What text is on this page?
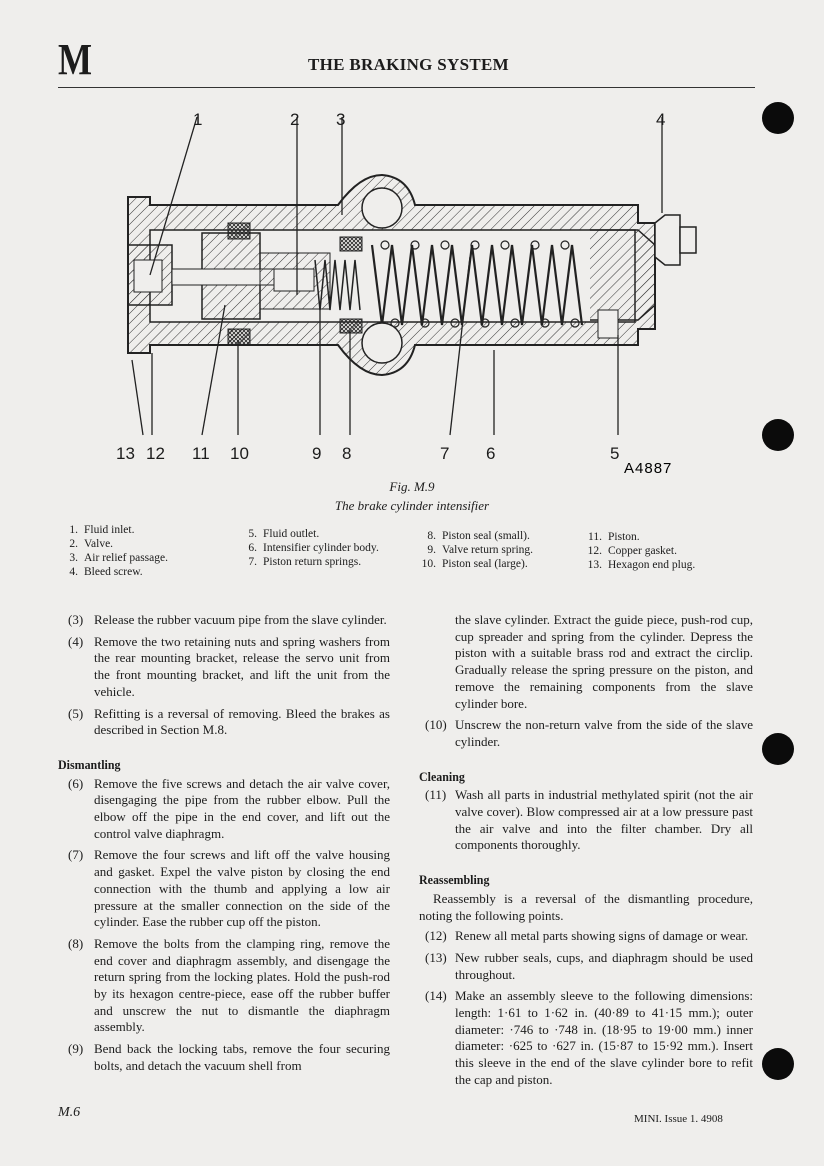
M	THE BRAKING SYSTEM
1	2 3	4
13 12 11 10	9 8	7 6	5
A4887
Fig. M.9
The brake cylinder intensifier
1. Fluid inlet.
2. Valve.
3. Air relief passage.
4. Bleed screw.
5. Fluid outlet.
6. Intensifier cylinder body.
7. Piston return springs.
8. Piston seal (small).
9. Valve return spring.
10. Piston seal (large).
11. Piston.
12. Copper gasket.
13. Hexagon end plug.
(3) Release the rubber vacuum pipe from the slave cylinder.
(4) Remove the two retaining nuts and spring washers from the rear mounting bracket, release the servo unit from the front mounting bracket, and lift the unit from the vehicle.
(5) Refitting is a reversal of removing. Bleed the brakes as described in Section M.8.
Dismantling
(6) Remove the five screws and detach the air valve cover, disengaging the pipe from the rubber elbow. Pull the elbow off the pipe in the end cover, and lift out the control valve diaphragm.
(7) Remove the four screws and lift off the valve housing and gasket. Expel the valve piston by closing the end connection with the thumb and applying a low air pressure at the smaller connection on the side of the cylinder. Ease the rubber cup off the piston.
(8) Remove the bolts from the clamping ring, remove the end cover and diaphragm assembly, and disengage the return spring from the locking plates. Hold the push-rod by its hexagon centre-piece, ease off the rubber buffer and unscrew the nut to dismantle the diaphragm assembly.
(9) Bend back the locking tabs, remove the four securing bolts, and detach the vacuum shell from
the slave cylinder. Extract the guide piece, push-rod cup, cup spreader and spring from the cylinder. Depress the piston with a suitable brass rod and extract the circlip. Gradually release the spring pressure on the piston, and remove the remaining components from the slave cylinder bore.
(10) Unscrew the non-return valve from the side of the slave cylinder.
Cleaning
(11) Wash all parts in industrial methylated spirit (not the air valve cover). Blow compressed air at a low pressure past the air valve and into the filter chamber. Dry all components thoroughly.
Reassembling
Reassembly is a reversal of the dismantling procedure, noting the following points.
(12) Renew all metal parts showing signs of damage or wear.
(13) New rubber seals, cups, and diaphragm should be used throughout.
(14) Make an assembly sleeve to the following dimensions: length: 1·61 to 1·62 in. (40·89 to 41·15 mm.); outer diameter: ·746 to ·748 in. (18·95 to 19·00 mm.) inner diameter: ·625 to ·627 in. (15·87 to 15·92 mm.). Insert this sleeve in the end of the slave cylinder bore to refit the cap and piston.
M.6	MINI. Issue 1. 4908
